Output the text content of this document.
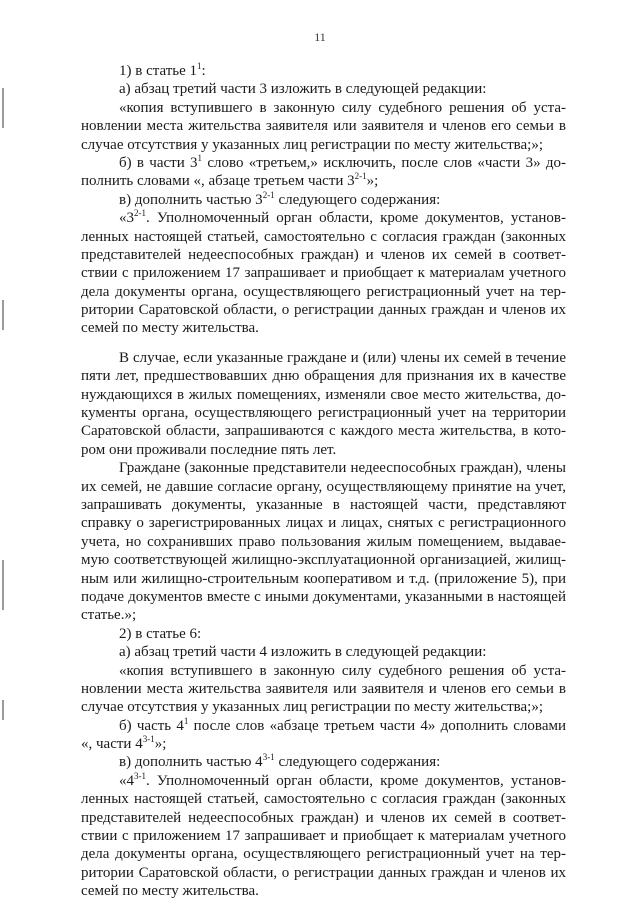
11
1) в статье $1^1$:
а) абзац третий части 3 изложить в следующей редакции:
«копия вступившего в законную силу судебного решения об уста-
новлении места жительства заявителя или заявителя и членов его семьи в
случае отсутствия у указанных лиц регистрации по месту жительства;»;
б) в части $3^1$ слово «третьем,» исключить, после слов «части 3» до-
полнить словами «, абзаце третьем части 3$^{2-1}$»;
в) дополнить частью 3$^{2-1}$ следующего содержания:
«3$^{2-1}$. Уполномоченный орган области, кроме документов, установ-
ленных настоящей статьей, самостоятельно с согласия граждан (законных
представителей недееспособных граждан) и членов их семей в соответ-
ствии с приложением 17 запрашивает и приобщает к материалам учетного
дела документы органа, осуществляющего регистрационный учет на тер-
ритории Саратовской области, о регистрации данных граждан и членов их
семей по месту жительства.
В случае, если указанные граждане и (или) члены их семей в течение
пяти лет, предшествовавших дню обращения для признания их в качестве
нуждающихся в жилых помещениях, изменяли свое место жительства, до-
кументы органа, осуществляющего регистрационный учет на территории
Саратовской области, запрашиваются с каждого места жительства, в кото-
ром они проживали последние пять лет.
Граждане (законные представители недееспособных граждан), члены
их семей, не давшие согласие органу, осуществляющему принятие на учет,
запрашивать документы, указанные в настоящей части, представляют
справку о зарегистрированных лицах и лицах, снятых с регистрационного
учета, но сохранивших право пользования жилым помещением, выдавае-
мую соответствующей жилищно-эксплуатационной организацией, жилищ-
ным или жилищно-строительным кооперативом и т.д. (приложение 5), при
подаче документов вместе с иными документами, указанными в настоящей
статье.»;
2) в статье 6:
а) абзац третий части 4 изложить в следующей редакции:
«копия вступившего в законную силу судебного решения об уста-
новлении места жительства заявителя или заявителя и членов его семьи в
случае отсутствия у указанных лиц регистрации по месту жительства;»;
б) часть $4^1$ после слов «абзаце третьем части 4» дополнить словами
«, части 4$^{3-1}$»;
в) дополнить частью 4$^{3-1}$ следующего содержания:
«4$^{3-1}$. Уполномоченный орган области, кроме документов, установ-
ленных настоящей статьей, самостоятельно с согласия граждан (законных
представителей недееспособных граждан) и членов их семей в соответ-
ствии с приложением 17 запрашивает и приобщает к материалам учетного
дела документы органа, осуществляющего регистрационный учет на тер-
ритории Саратовской области, о регистрации данных граждан и членов их
семей по месту жительства.
